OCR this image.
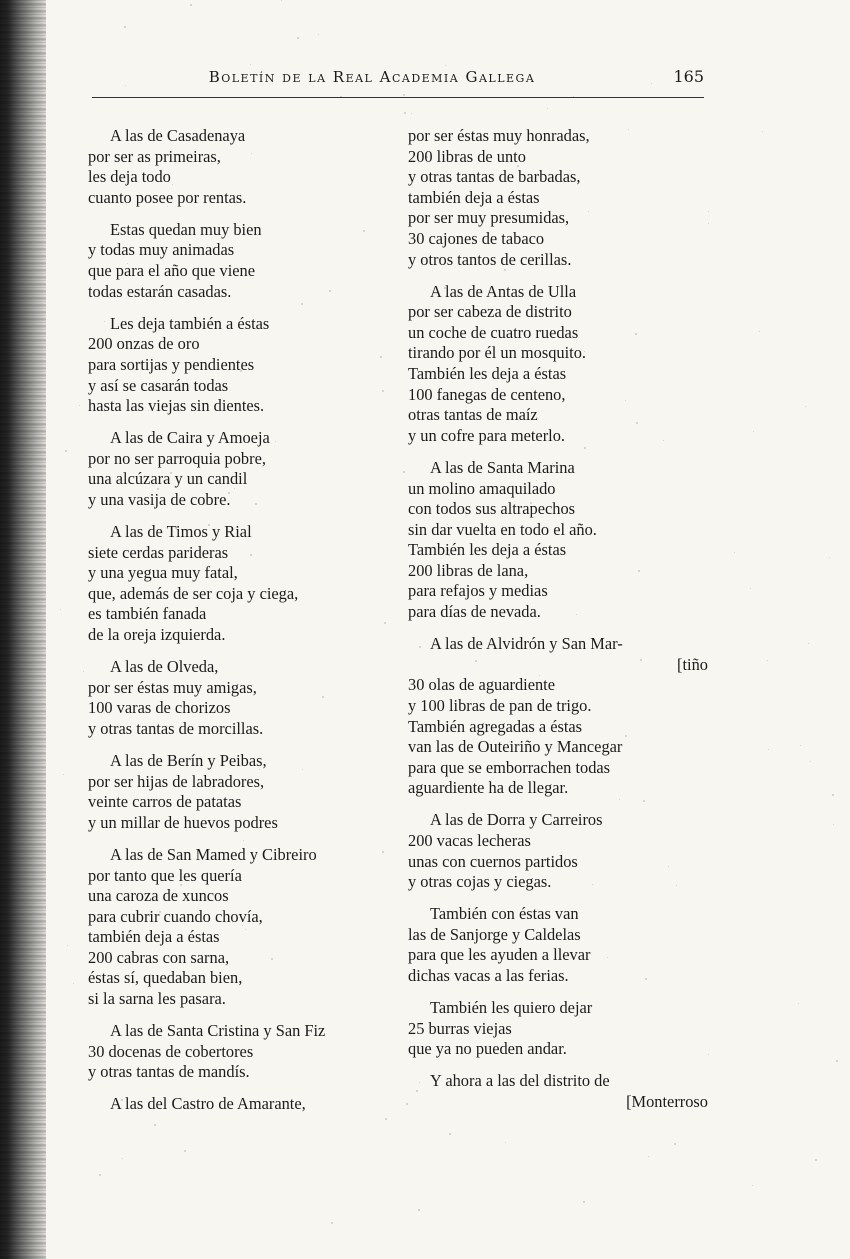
Boletín de la Real Academia Gallega	165
A las de Casadenaya
por ser as primeiras,
les deja todo
cuanto posee por rentas.
Estas quedan muy bien
y todas muy animadas
que para el año que viene
todas estarán casadas.
Les deja también a éstas
200 onzas de oro
para sortijas y pendientes
y así se casarán todas
hasta las viejas sin dientes.
A las de Caira y Amoeja
por no ser parroquia pobre,
una alcúzara y un candil
y una vasija de cobre.
A las de Timos y Rial
siete cerdas parideras
y una yegua muy fatal,
que, además de ser coja y ciega,
es también fanada
de la oreja izquierda.
A las de Olveda,
por ser éstas muy amigas,
100 varas de chorizos
y otras tantas de morcillas.
A las de Berín y Peibas,
por ser hijas de labradores,
veinte carros de patatas
y un millar de huevos podres
A las de San Mamed y Cibreiro
por tanto que les quería
una caroza de xuncos
para cubrir cuando chovía,
también deja a éstas
200 cabras con sarna,
éstas sí, quedaban bien,
si la sarna les pasara.
A las de Santa Cristina y San Fiz
30 docenas de cobertores
y otras tantas de mandís.
A las del Castro de Amarante,
por ser éstas muy honradas,
200 libras de unto
y otras tantas de barbadas,
también deja a éstas
por ser muy presumidas,
30 cajones de tabaco
y otros tantos de cerillas.
A las de Antas de Ulla
por ser cabeza de distrito
un coche de cuatro ruedas
tirando por él un mosquito.
También les deja a éstas
100 fanegas de centeno,
otras tantas de maíz
y un cofre para meterlo.
A las de Santa Marina
un molino amaquilado
con todos sus altrapechos
sin dar vuelta en todo el año.
También les deja a éstas
200 libras de lana,
para refajos y medias
para días de nevada.
A las de Alvidrón y San Mar-
[tiño
30 olas de aguardiente
y 100 libras de pan de trigo.
También agregadas a éstas
van las de Outeiriño y Mancegar
para que se emborrachen todas
aguardiente ha de llegar.
A las de Dorra y Carreiros
200 vacas lecheras
unas con cuernos partidos
y otras cojas y ciegas.
También con éstas van
las de Sanjorge y Caldelas
para que les ayuden a llevar
dichas vacas a las ferias.
También les quiero dejar
25 burras viejas
que ya no pueden andar.
Y ahora a las del distrito de
[Monterroso
